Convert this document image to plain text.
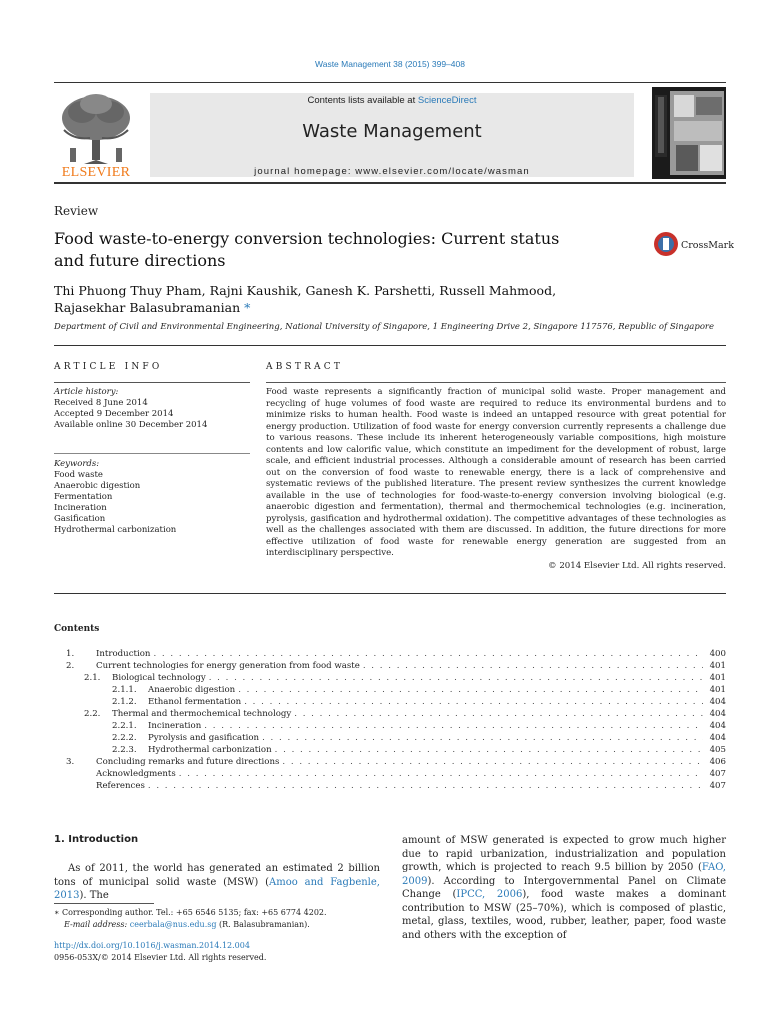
Waste Management 38 (2015) 399–408
ELSEVIER
Contents lists available at ScienceDirect
Waste Management
journal homepage: www.elsevier.com/locate/wasman
Review
Food waste-to-energy conversion technologies: Current status and future directions
CrossMark
Thi Phuong Thuy Pham, Rajni Kaushik, Ganesh K. Parshetti, Russell Mahmood, Rajasekhar Balasubramanian *
Department of Civil and Environmental Engineering, National University of Singapore, 1 Engineering Drive 2, Singapore 117576, Republic of Singapore
ARTICLE INFO	ABSTRACT
Article history:
Received 8 June 2014
Accepted 9 December 2014
Available online 30 December 2014
Keywords:
Food waste
Anaerobic digestion
Fermentation
Incineration
Gasification
Hydrothermal carbonization
Food waste represents a significantly fraction of municipal solid waste. Proper management and recycling of huge volumes of food waste are required to reduce its environmental burdens and to minimize risks to human health. Food waste is indeed an untapped resource with great potential for energy production. Utilization of food waste for energy conversion currently represents a challenge due to various reasons. These include its inherent heterogeneously variable compositions, high moisture contents and low calorific value, which constitute an impediment for the development of robust, large scale, and efficient industrial processes. Although a considerable amount of research has been carried out on the conversion of food waste to renewable energy, there is a lack of comprehensive and systematic reviews of the published literature. The present review synthesizes the current knowledge available in the use of technologies for food-waste-to-energy conversion involving biological (e.g. anaerobic digestion and fermentation), thermal and thermochemical technologies (e.g. incineration, pyrolysis, gasification and hydrothermal oxidation). The competitive advantages of these technologies as well as the challenges associated with them are discussed. In addition, the future directions for more effective utilization of food waste for renewable energy generation are suggested from an interdisciplinary perspective.
© 2014 Elsevier Ltd. All rights reserved.
Contents
1.	Introduction . . .	400
2.	Current technologies for energy generation from food waste . . .	401
2.1.	Biological technology . . .	401
2.1.1.	Anaerobic digestion . . .	401
2.1.2.	Ethanol fermentation . . .	404
2.2.	Thermal and thermochemical technology . . .	404
2.2.1.	Incineration . . .	404
2.2.2.	Pyrolysis and gasification . . .	404
2.2.3.	Hydrothermal carbonization . . .	405
3.	Concluding remarks and future directions . . .	406
Acknowledgments . . .	407
References . . .	407
1. Introduction
As of 2011, the world has generated an estimated 2 billion tons of municipal solid waste (MSW) (Amoo and Fagbenle, 2013). The
amount of MSW generated is expected to grow much higher due to rapid urbanization, industrialization and population growth, which is projected to reach 9.5 billion by 2050 (FAO, 2009). According to Intergovernmental Panel on Climate Change (IPCC, 2006), food waste makes a dominant contribution to MSW (25–70%), which is composed of plastic, metal, glass, textiles, wood, rubber, leather, paper, food waste and others with the exception of
∗ Corresponding author. Tel.: +65 6546 5135; fax: +65 6774 4202.
E-mail address: ceerbala@nus.edu.sg (R. Balasubramanian).
http://dx.doi.org/10.1016/j.wasman.2014.12.004
0956-053X/© 2014 Elsevier Ltd. All rights reserved.
